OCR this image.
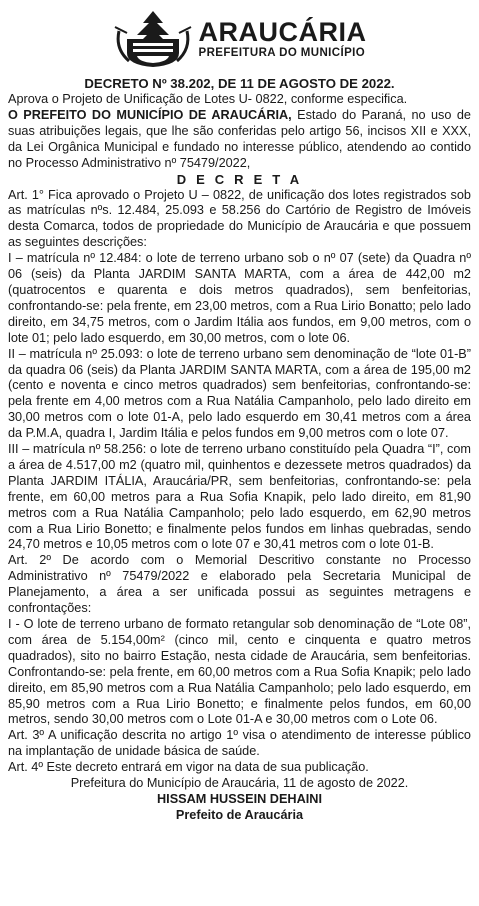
ARAUCÁRIA
PREFEITURA DO MUNICÍPIO
DECRETO Nº 38.202, DE 11 DE AGOSTO DE 2022.

Aprova o Projeto de Unificação de Lotes U- 0822, conforme especifica.

O PREFEITO DO MUNICÍPIO DE ARAUCÁRIA, Estado do Paraná, no uso de suas atribuições legais, que lhe são conferidas pelo artigo 56, incisos XII e XXX, da Lei Orgânica Municipal e fundado no interesse público, atendendo ao contido no Processo Administrativo nº 75479/2022,

D E C R E T A

Art. 1° Fica aprovado o Projeto U – 0822, de unificação dos lotes registrados sob as matrículas nºs. 12.484, 25.093 e 58.256 do Cartório de Registro de Imóveis desta Comarca, todos de propriedade do Município de Araucária e que possuem as seguintes descrições:

I – matrícula nº 12.484: o lote de terreno urbano sob o nº 07 (sete) da Quadra nº 06 (seis) da Planta JARDIM SANTA MARTA, com a área de 442,00 m2 (quatrocentos e quarenta e dois metros quadrados), sem benfeitorias, confrontando-se: pela frente, em 23,00 metros, com a Rua Lirio Bonatto; pelo lado direito, em 34,75 metros, com o Jardim Itália aos fundos, em 9,00 metros, com o lote 01; pelo lado esquerdo, em 30,00 metros, com o lote 06.

II – matrícula nº 25.093: o lote de terreno urbano sem denominação de “lote 01-B” da quadra 06 (seis) da Planta JARDIM SANTA MARTA, com a área de 195,00 m2 (cento e noventa e cinco metros quadrados) sem benfeitorias, confrontando-se: pela frente em 4,00 metros com a Rua Natália Campanholo, pelo lado direito em 30,00 metros com o lote 01-A, pelo lado esquerdo em 30,41 metros com a área da P.M.A, quadra I, Jardim Itália e pelos fundos em 9,00 metros com o lote 07.

III – matrícula nº 58.256: o lote de terreno urbano constituído pela Quadra “I”, com a área de 4.517,00 m2 (quatro mil, quinhentos e dezessete metros quadrados) da Planta JARDIM ITÁLIA, Araucária/PR, sem benfeitorias, confrontando-se: pela frente, em 60,00 metros para a Rua Sofia Knapik, pelo lado direito, em 81,90 metros com a Rua Natália Campanholo; pelo lado esquerdo, em 62,90 metros com a Rua Lirio Bonetto; e finalmente pelos fundos em linhas quebradas, sendo 24,70 metros e 10,05 metros com o lote 07 e 30,41 metros com o lote 01-B.

Art. 2º De acordo com o Memorial Descritivo constante no Processo Administrativo nº 75479/2022 e elaborado pela Secretaria Municipal de Planejamento, a área a ser unificada possui as seguintes metragens e confrontações:

I - O lote de terreno urbano de formato retangular sob denominação de “Lote 08”, com área de 5.154,00m² (cinco mil, cento e cinquenta e quatro metros quadrados), sito no bairro Estação, nesta cidade de Araucária, sem benfeitorias. Confrontando-se: pela frente, em 60,00 metros com a Rua Sofia Knapik; pelo lado direito, em 85,90 metros com a Rua Natália Campanholo; pelo lado esquerdo, em 85,90 metros com a Rua Lirio Bonetto; e finalmente pelos fundos, em 60,00 metros, sendo 30,00 metros com o Lote 01-A e 30,00 metros com o Lote 06.

Art. 3º A unificação descrita no artigo 1º visa o atendimento de interesse público na implantação de unidade básica de saúde.

Art. 4º Este decreto entrará em vigor na data de sua publicação.

Prefeitura do Município de Araucária, 11 de agosto de 2022.
HISSAM HUSSEIN DEHAINI
Prefeito de Araucária
